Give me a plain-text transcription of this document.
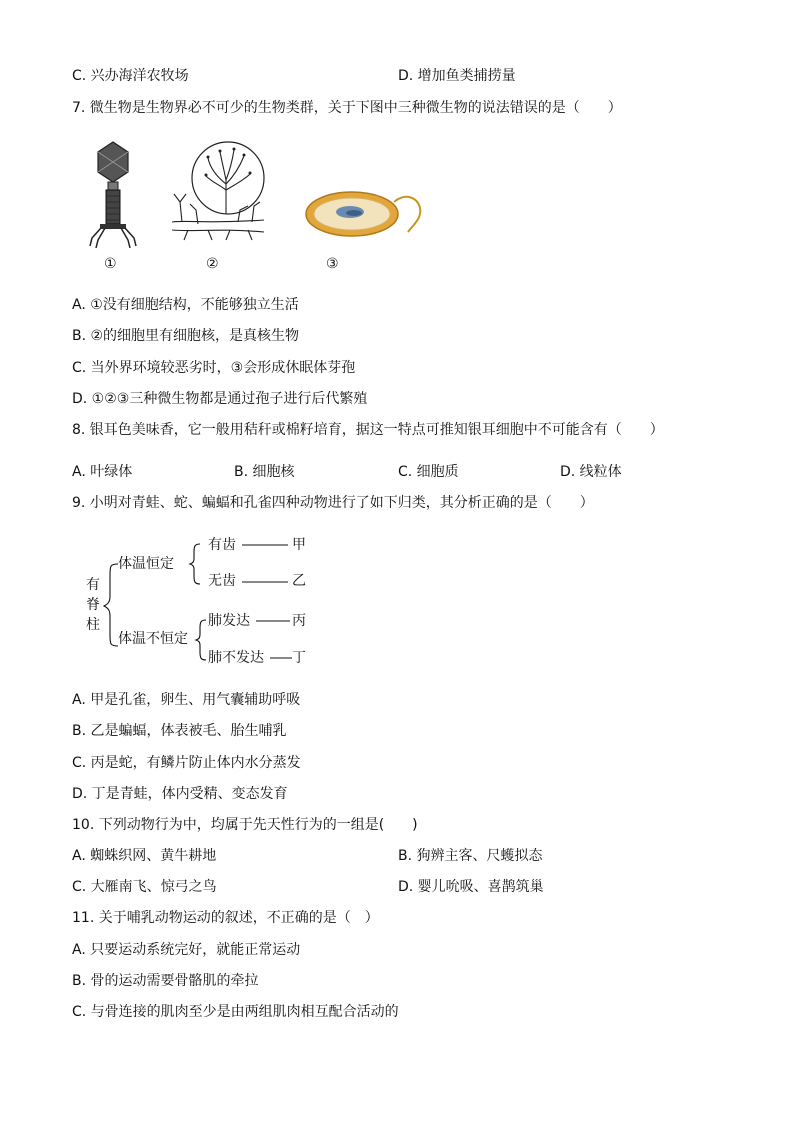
C. 兴办海洋农牧场	D. 增加鱼类捕捞量
7. 微生物是生物界必不可少的生物类群，关于下图中三种微生物的说法错误的是（　　）
①	②	③
A. ①没有细胞结构，不能够独立生活
B. ②的细胞里有细胞核，是真核生物
C. 当外界环境较恶劣时，③会形成休眠体芽孢
D. ①②③三种微生物都是通过孢子进行后代繁殖
8. 银耳色美味香，它一般用秸秆或棉籽培育，据这一特点可推知银耳细胞中不可能含有（　　）
A. 叶绿体	B. 细胞核	C. 细胞质	D. 线粒体
9. 小明对青蛙、蛇、蝙蝠和孔雀四种动物进行了如下归类，其分析正确的是（　　）
有
脊
柱
体温恒定
体温不恒定
有齿	甲
无齿	乙
肺发达	丙
肺不发达 丁
A. 甲是孔雀，卵生、用气囊辅助呼吸
B. 乙是蝙蝠，体表被毛、胎生哺乳
C. 丙是蛇，有鳞片防止体内水分蒸发
D. 丁是青蛙，体内受精、变态发育
10. 下列动物行为中，均属于先天性行为的一组是(　　)
A. 蜘蛛织网、黄牛耕地	B. 狗辨主客、尺蠖拟态
C. 大雁南飞、惊弓之鸟	D. 婴儿吮吸、喜鹊筑巢
11. 关于哺乳动物运动的叙述，不正确的是（　）
A. 只要运动系统完好，就能正常运动
B. 骨的运动需要骨骼肌的牵拉
C. 与骨连接的肌肉至少是由两组肌肉相互配合活动的
